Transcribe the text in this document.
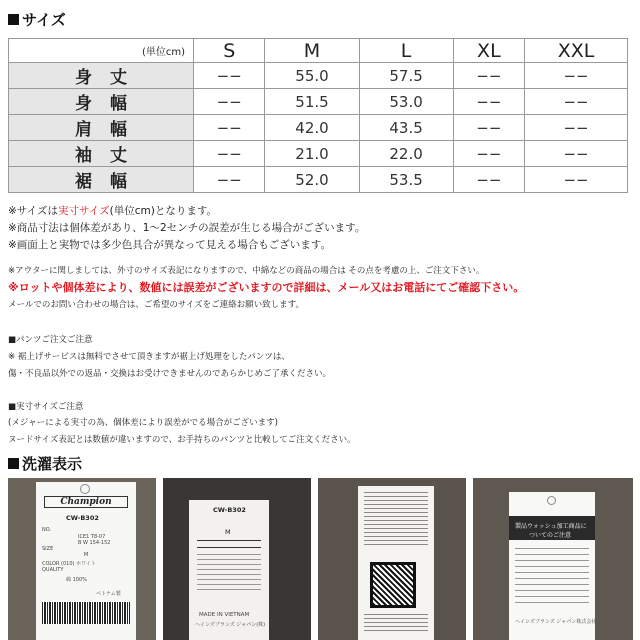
サイズ
(単位cm)	S	M	L	XL	XXL
身丈	−−	55.0	57.5	−−	−−
身幅	−−	51.5	53.0	−−	−−
肩幅	−−	42.0	43.5	−−	−−
袖丈	−−	21.0	22.0	−−	−−
裾幅	−−	52.0	53.5	−−	−−
※サイズは実寸サイズ(単位cm)となります。
※商品寸法は個体差があり、1〜2センチの誤差が生じる場合がございます。
※画面上と実物では多少色具合が異なって見える場合もございます。
※アウターに関しましては、外寸のサイズ表記になりますので、中綿などの商品の場合は その点を考慮の上、ご注文下さい。
※ロットや個体差により、数値には誤差がございますので詳細は、メール又はお電話にてご確認下さい。
メールでのお問い合わせの場合は、ご希望のサイズをご連絡お願い致します。
■パンツご注文ご注意
※ 裾上げサービスは無料でさせて頂きますが裾上げ処理をしたパンツは、
傷・不良品以外での返品・交換はお受けできませんのであらかじめご了承ください。
■実寸サイズご注意
(メジャーによる実寸の為、個体差により誤差がでる場合がございます)
ヌードサイズ表記とは数値が違いますので、お手持ちのパンツと比較してご注文ください。
洗濯表示
Champion
CW-B302
NO.
ICE1 T8-07
B W 154-152
SIZE
M
COLOR (010) ホワイト
QUALITY
綿 100%
ベトナム製
CW-B302
M
MADE IN VIETNAM
ヘインズブランズ ジャパン(株)
製品ウォッシュ加工商品に
ついてのご注意
ヘインズブランズ ジャパン株式会社
